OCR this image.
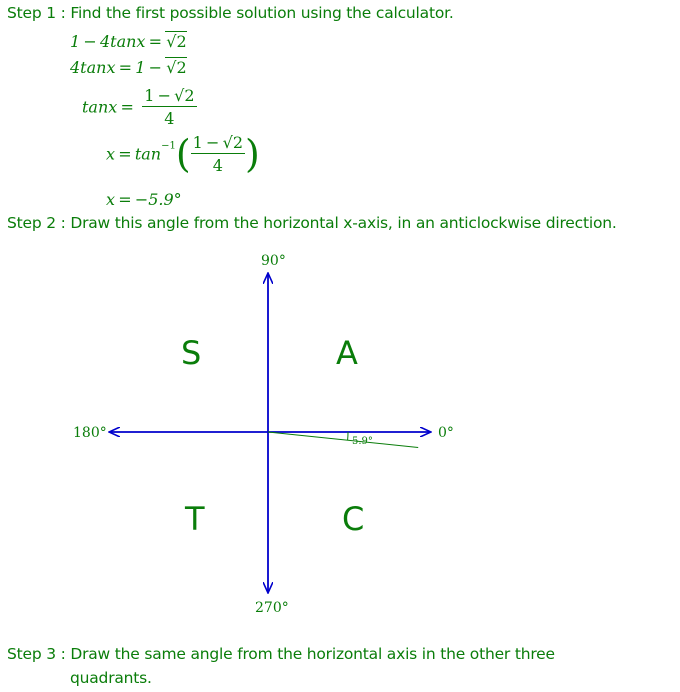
Step 1 : Find the first possible solution using the calculator.
1 − 4tanx = √2
4tanx = 1 − √2
$\tan x = \frac{1 - √2}{4}$
$x = \tan^{-1}( \frac{1 - √2}{4}$ )
x = −5.9°
Step 2 : Draw this angle from the horizontal x-axis, in an anticlockwise direction.
90°
180°
270°
0°
5.9°
S	A
T	C
Step 3 : Draw the same angle from the horizontal axis in the other three
quadrants.
